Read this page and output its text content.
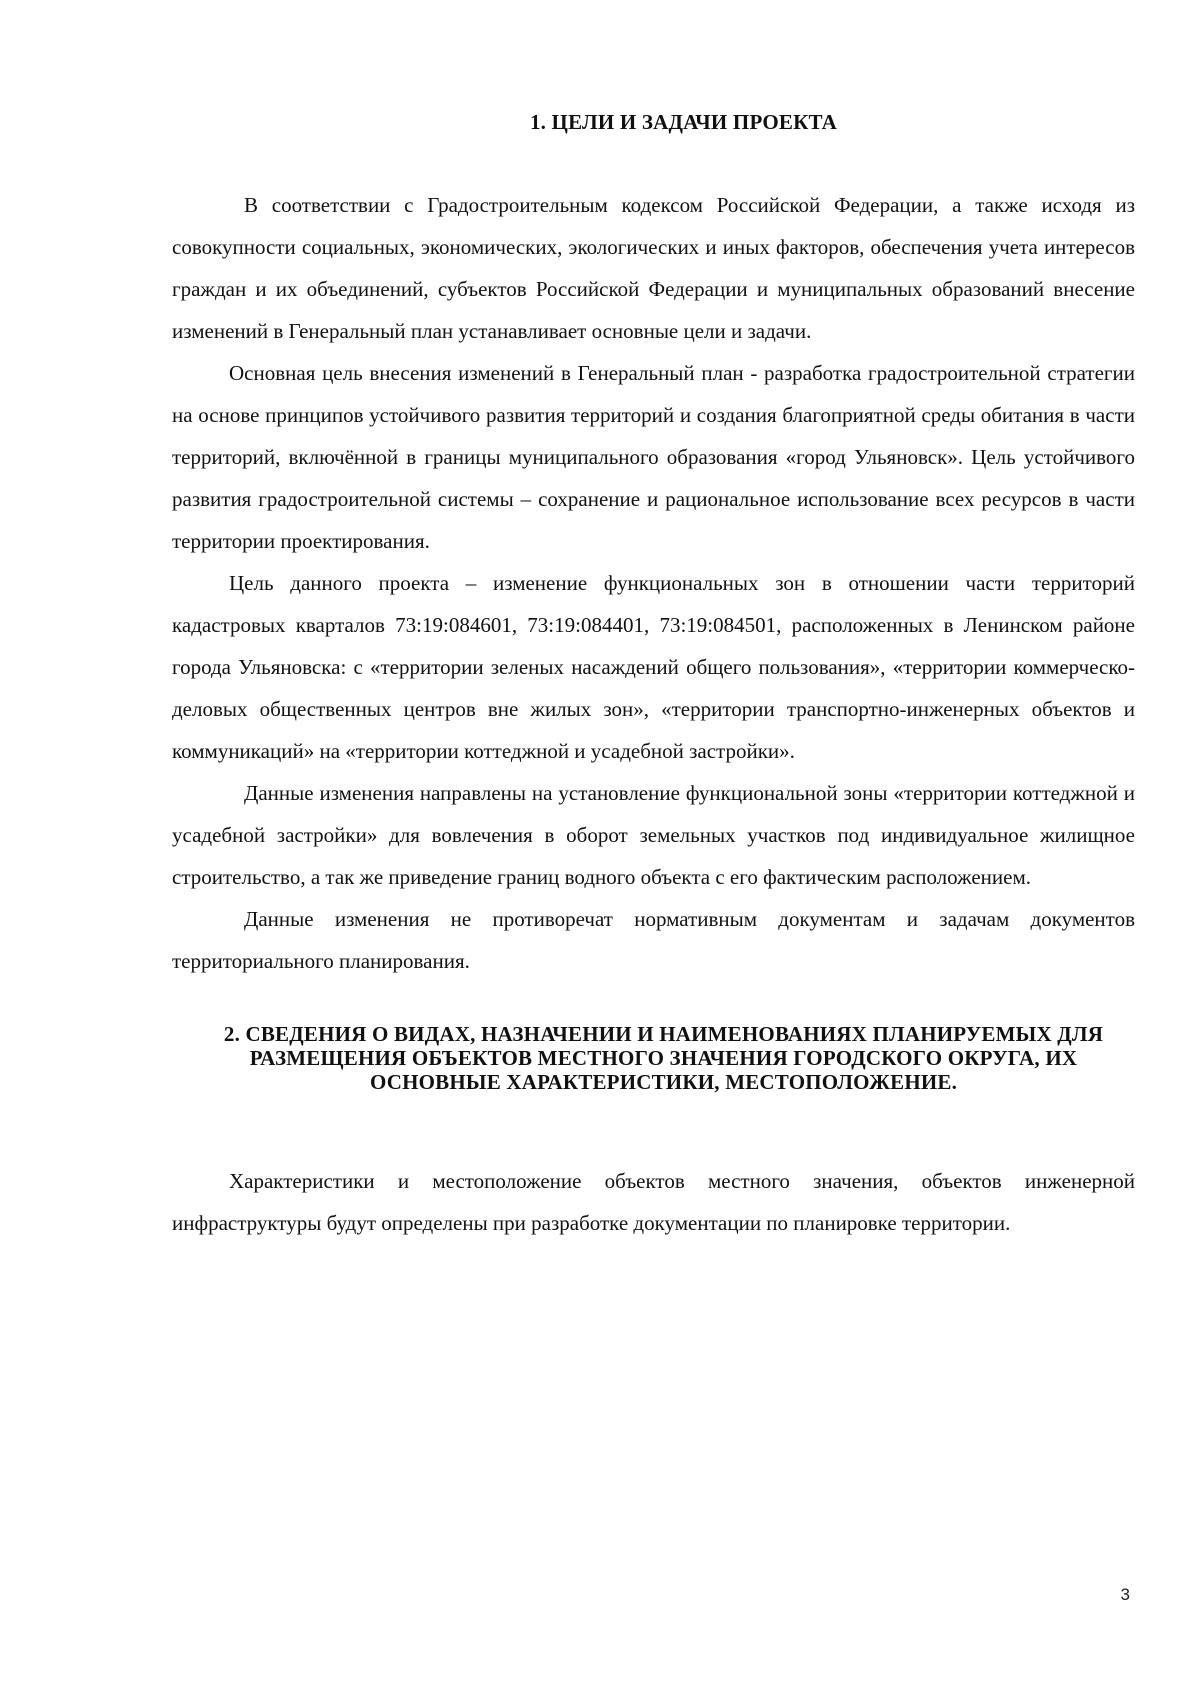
1. ЦЕЛИ И ЗАДАЧИ ПРОЕКТА

В соответствии с Градостроительным кодексом Российской Федерации, а также исходя из совокупности социальных, экономических, экологических и иных факторов, обеспечения учета интересов граждан и их объединений, субъектов Российской Федерации и муниципальных образований внесение изменений в Генеральный план устанавливает основные цели и задачи.

Основная цель внесения изменений в Генеральный план - разработка градостроительной стратегии на основе принципов устойчивого развития территорий и создания благоприятной среды обитания в части территорий, включённой в границы муниципального образования «город Ульяновск». Цель устойчивого развития градостроительной системы – сохранение и рациональное использование всех ресурсов в части территории проектирования.

Цель данного проекта – изменение функциональных зон в отношении части территорий кадастровых кварталов 73:19:084601, 73:19:084401, 73:19:084501, расположенных в Ленинском районе города Ульяновска: с «территории зеленых насаждений общего пользования», «территории коммерческо-деловых общественных центров вне жилых зон», «территории транспортно-инженерных объектов и коммуникаций» на «территории коттеджной и усадебной застройки».

Данные изменения направлены на установление функциональной зоны «территории коттеджной и усадебной застройки» для вовлечения в оборот земельных участков под индивидуальное жилищное строительство, а так же приведение границ водного объекта с его фактическим расположением.

Данные изменения не противоречат нормативным документам и задачам документов территориального планирования.

2. СВЕДЕНИЯ О ВИДАХ, НАЗНАЧЕНИИ И НАИМЕНОВАНИЯХ ПЛАНИРУЕМЫХ ДЛЯ РАЗМЕЩЕНИЯ ОБЪЕКТОВ МЕСТНОГО ЗНАЧЕНИЯ ГОРОДСКОГО ОКРУГА, ИХ ОСНОВНЫЕ ХАРАКТЕРИСТИКИ, МЕСТОПОЛОЖЕНИЕ.

Характеристики и местоположение объектов местного значения, объектов инженерной инфраструктуры будут определены при разработке документации по планировке территории.

3
